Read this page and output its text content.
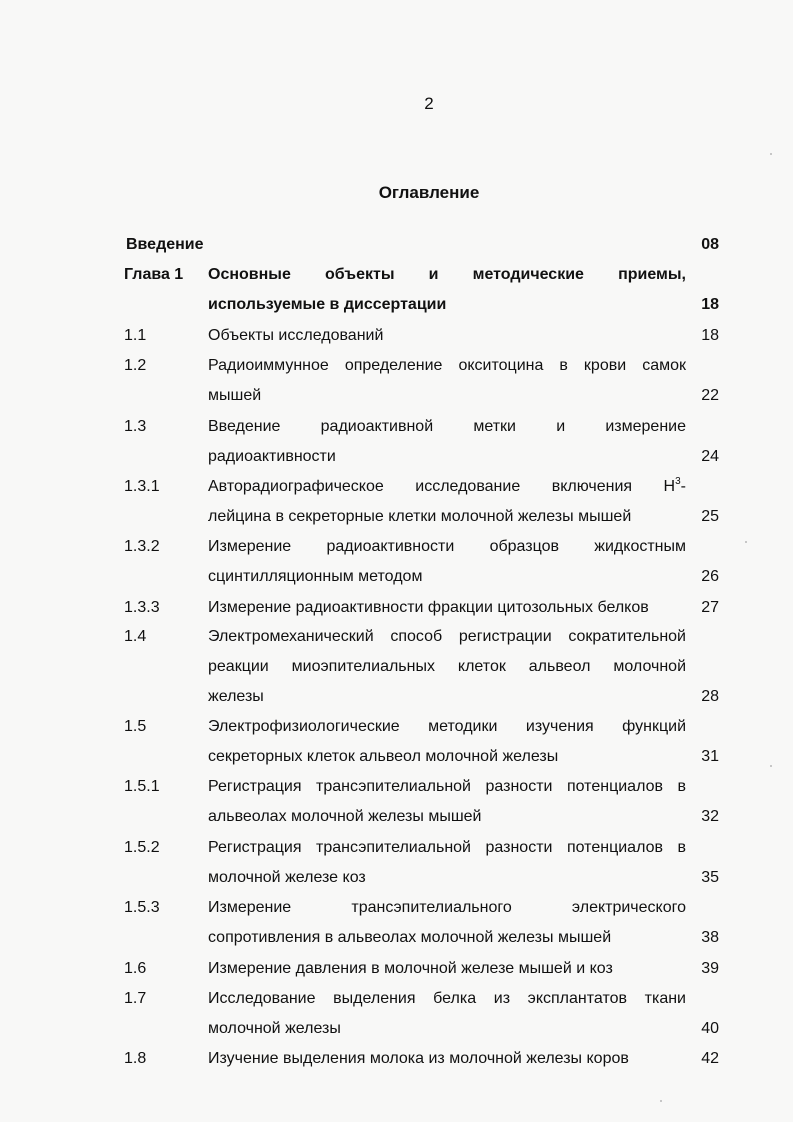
2
Оглавление
Введение	08
Глава 1 Основные объекты и методические приемы,
используемые в диссертации	18
1.1	Объекты исследований	18
1.2	Радиоиммунное определение окситоцина в крови самок
мышей	22
1.3	Введение радиоактивной метки и измерение
радиоактивности	24
1.3.1	Авторадиографическое исследование включения $H^3-$
лейцина в секреторные клетки молочной железы мышей	25
1.3.2	Измерение радиоактивности образцов жидкостным
сцинтилляционным методом	26
1.3.3	Измерение радиоактивности фракции цитозольных белков	27
1.4	Электромеханический способ регистрации сократительной
реакции миоэпителиальных клеток альвеол молочной
железы	28
1.5	Электрофизиологические методики изучения функций
секреторных клеток альвеол молочной железы	31
1.5.1	Регистрация трансэпителиальной разности потенциалов в
альвеолах молочной железы мышей	32
1.5.2	Регистрация трансэпителиальной разности потенциалов в
молочной железе коз	35
1.5.3	Измерение трансэпителиального электрического
сопротивления в альвеолах молочной железы мышей	38
1.6	Измерение давления в молочной железе мышей и коз	39
1.7	Исследование выделения белка из эксплантатов ткани
молочной железы	40
1.8	Изучение выделения молока из молочной железы коров	42
